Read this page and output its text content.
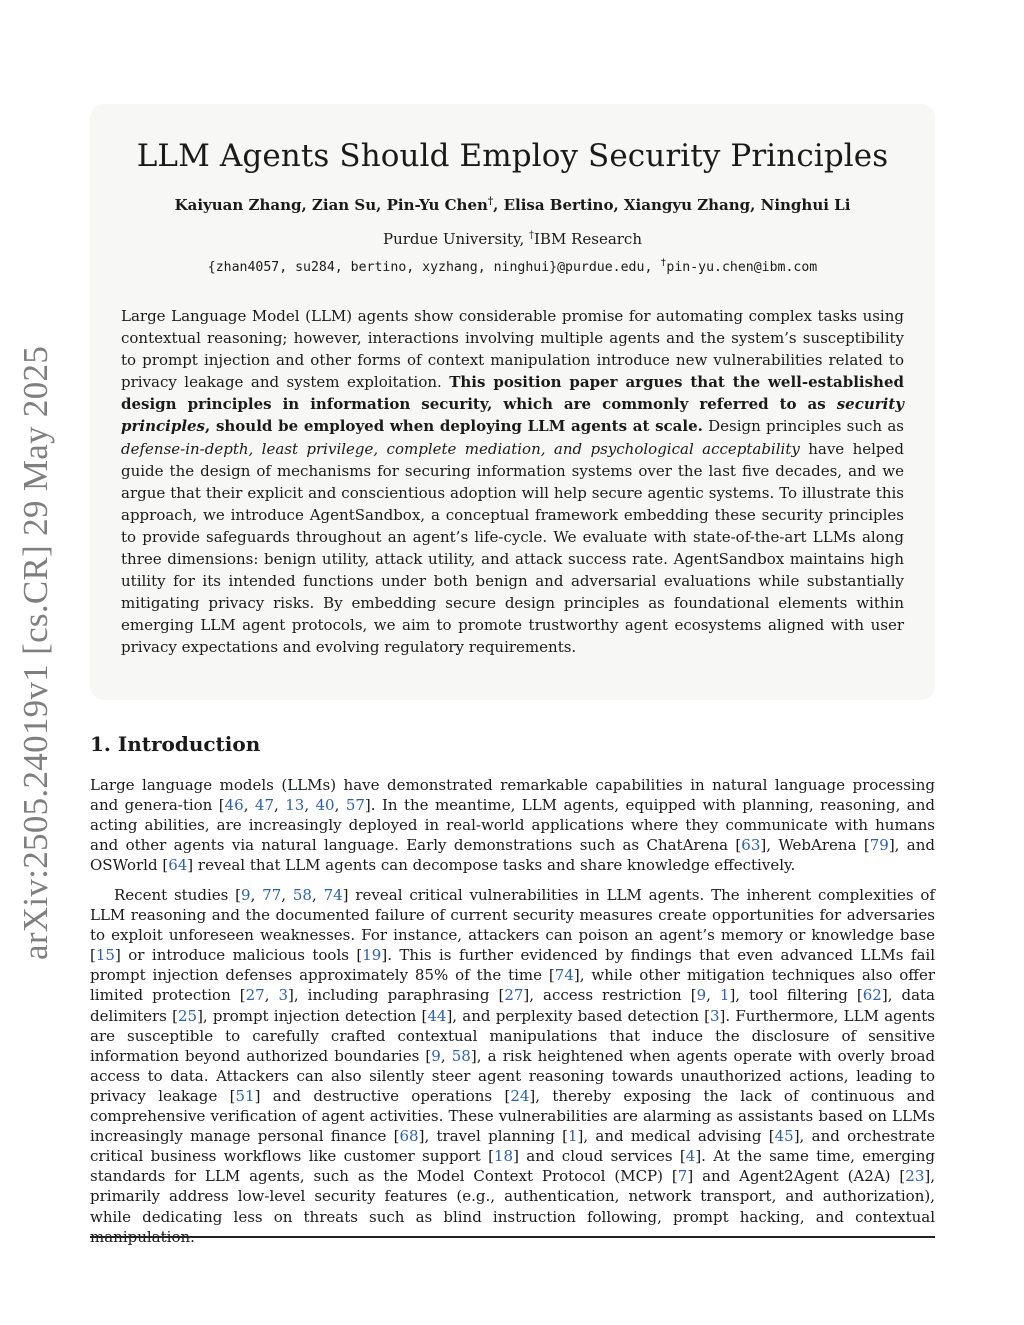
arXiv:2505.24019v1 [cs.CR] 29 May 2025
LLM Agents Should Employ Security Principles
Kaiyuan Zhang, Zian Su, Pin-Yu Chen†, Elisa Bertino, Xiangyu Zhang, Ninghui Li
Purdue University, †IBM Research
{zhan4057, su284, bertino, xyzhang, ninghui}@purdue.edu, †pin-yu.chen@ibm.com
Large Language Model (LLM) agents show considerable promise for automating complex tasks using contextual reasoning; however, interactions involving multiple agents and the system’s susceptibility to prompt injection and other forms of context manipulation introduce new vulnerabilities related to privacy leakage and system exploitation. This position paper argues that the well-established design principles in information security, which are commonly referred to as security principles, should be employed when deploying LLM agents at scale. Design principles such as defense-in-depth, least privilege, complete mediation, and psychological acceptability have helped guide the design of mechanisms for securing information systems over the last five decades, and we argue that their explicit and conscientious adoption will help secure agentic systems. To illustrate this approach, we introduce AgentSandbox, a conceptual framework embedding these security principles to provide safeguards throughout an agent’s life-cycle. We evaluate with state-of-the-art LLMs along three dimensions: benign utility, attack utility, and attack success rate. AgentSandbox maintains high utility for its intended functions under both benign and adversarial evaluations while substantially mitigating privacy risks. By embedding secure design principles as foundational elements within emerging LLM agent protocols, we aim to promote trustworthy agent ecosystems aligned with user privacy expectations and evolving regulatory requirements.
1. Introduction
Large language models (LLMs) have demonstrated remarkable capabilities in natural language processing and genera-tion [46, 47, 13, 40, 57]. In the meantime, LLM agents, equipped with planning, reasoning, and acting abilities, are increasingly deployed in real-world applications where they communicate with humans and other agents via natural language. Early demonstrations such as ChatArena [63], WebArena [79], and OSWorld [64] reveal that LLM agents can decompose tasks and share knowledge effectively.
Recent studies [9, 77, 58, 74] reveal critical vulnerabilities in LLM agents. The inherent complexities of LLM reasoning and the documented failure of current security measures create opportunities for adversaries to exploit unforeseen weaknesses. For instance, attackers can poison an agent’s memory or knowledge base [15] or introduce malicious tools [19]. This is further evidenced by findings that even advanced LLMs fail prompt injection defenses approximately 85% of the time [74], while other mitigation techniques also offer limited protection [27, 3], including paraphrasing [27], access restriction [9, 1], tool filtering [62], data delimiters [25], prompt injection detection [44], and perplexity based detection [3]. Furthermore, LLM agents are susceptible to carefully crafted contextual manipulations that induce the disclosure of sensitive information beyond authorized boundaries [9, 58], a risk heightened when agents operate with overly broad access to data. Attackers can also silently steer agent reasoning towards unauthorized actions, leading to privacy leakage [51] and destructive operations [24], thereby exposing the lack of continuous and comprehensive verification of agent activities. These vulnerabilities are alarming as assistants based on LLMs increasingly manage personal finance [68], travel planning [1], and medical advising [45], and orchestrate critical business workflows like customer support [18] and cloud services [4]. At the same time, emerging standards for LLM agents, such as the Model Context Protocol (MCP) [7] and Agent2Agent (A2A) [23], primarily address low-level security features (e.g., authentication, network transport, and authorization), while dedicating less on threats such as blind instruction following, prompt hacking, and contextual manipulation.
